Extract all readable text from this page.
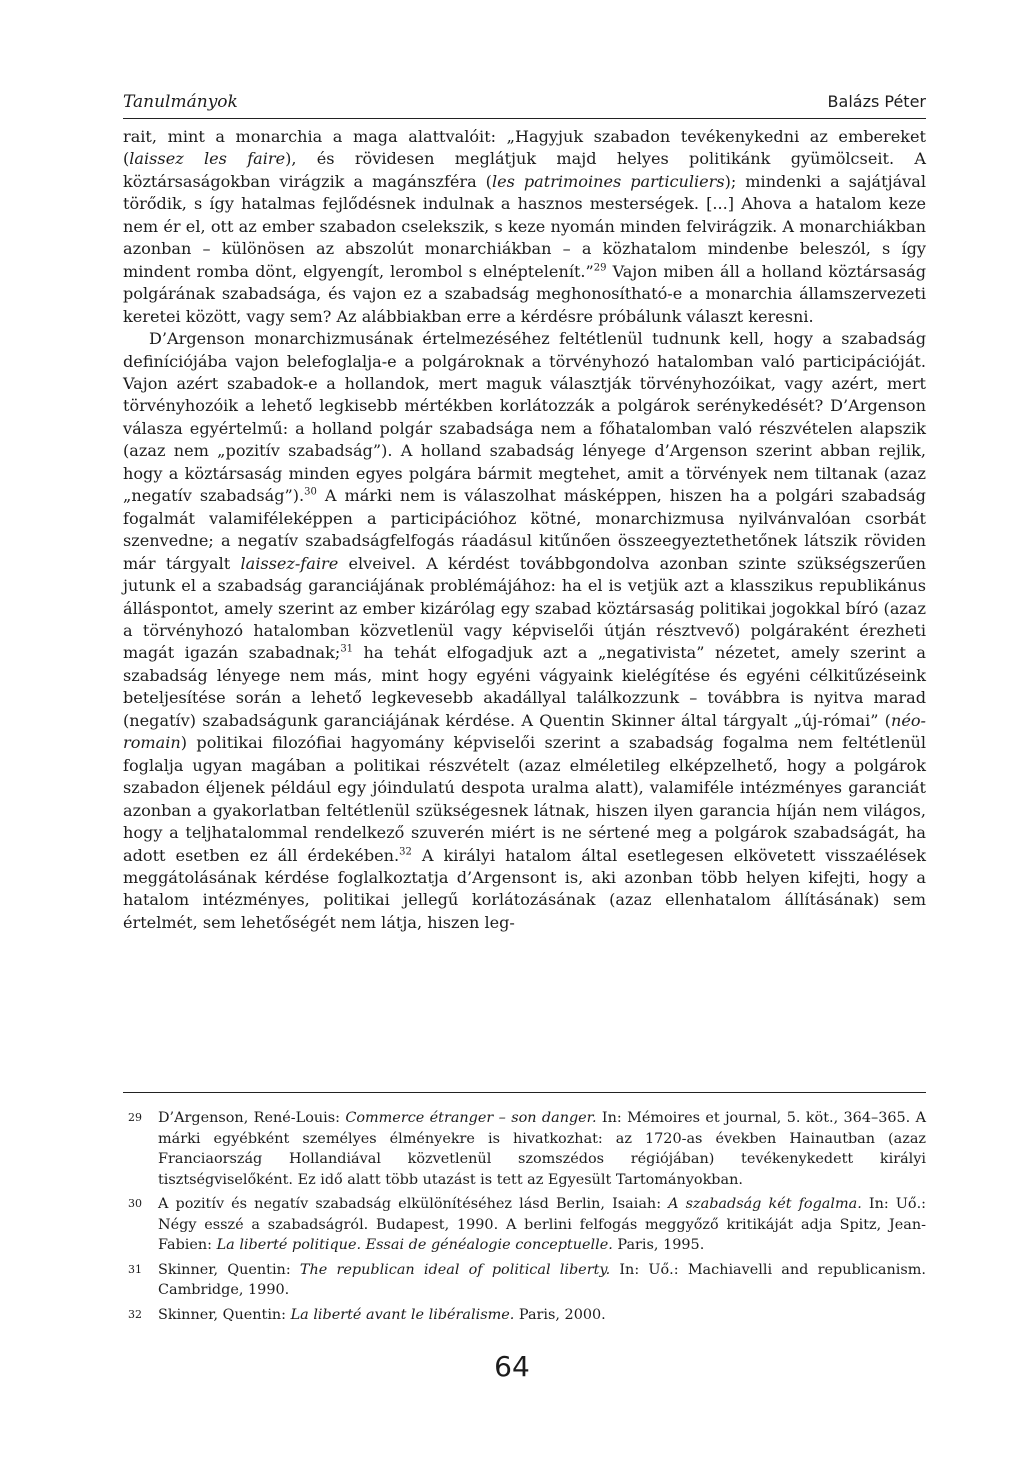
Tanulmányok	Balázs Péter

rait, mint a monarchia a maga alattvalóit: „Hagyjuk szabadon tevékenykedni az embereket (laissez les faire), és rövidesen meglátjuk majd helyes politikánk gyümölcseit. A köztársaságokban virágzik a magánszféra (les patrimoines particuliers); mindenki a sajátjával törődik, s így hatalmas fejlődésnek indulnak a hasznos mesterségek. [...] Ahova a hatalom keze nem ér el, ott az ember szabadon cselekszik, s keze nyomán minden felvirágzik. A monarchiákban azonban – különösen az abszolút monarchiákban – a közhatalom mindenbe beleszól, s így mindent romba dönt, elgyengít, lerombol s elnéptelenít.”$^{29}$ Vajon miben áll a holland köztársaság polgárának szabadsága, és vajon ez a szabadság meghonosítható-e a monarchia államszervezeti keretei között, vagy sem? Az alábbiakban erre a kérdésre próbálunk választ keresni.

D’Argenson monarchizmusának értelmezéséhez feltétlenül tudnunk kell, hogy a szabadság definíciójába vajon belefoglalja-e a polgároknak a törvényhozó hatalomban való participációját. Vajon azért szabadok-e a hollandok, mert maguk választják törvényhozóikat, vagy azért, mert törvényhozóik a lehető legkisebb mértékben korlátozzák a polgárok serénykedését? D’Argenson válasza egyértelmű: a holland polgár szabadsága nem a főhatalomban való részvételen alapszik (azaz nem „pozitív szabadság”). A holland szabadság lényege d’Argenson szerint abban rejlik, hogy a köztársaság minden egyes polgára bármit megtehet, amit a törvények nem tiltanak (azaz „negatív szabadság”).$^{30}$ A márki nem is válaszolhat másképpen, hiszen ha a polgári szabadság fogalmát valamiféleképpen a participációhoz kötné, monarchizmusa nyilvánvalóan csorbát szenvedne; a negatív szabadságfelfogás ráadásul kitűnően összeegyeztethetőnek látszik röviden már tárgyalt laissez-faire elveivel. A kérdést továbbgondolva azonban szinte szükségszerűen jutunk el a szabadság garanciájának problémájához: ha el is vetjük azt a klasszikus republikánus álláspontot, amely szerint az ember kizárólag egy szabad köztársaság politikai jogokkal bíró (azaz a törvényhozó hatalomban közvetlenül vagy képviselői útján résztvevő) polgáraként érezheti magát igazán szabadnak;$^{31}$ ha tehát elfogadjuk azt a „negativista” nézetet, amely szerint a szabadság lényege nem más, mint hogy egyéni vágyaink kielégítése és egyéni célkitűzéseink beteljesítése során a lehető legkevesebb akadállyal találkozzunk – továbbra is nyitva marad (negatív) szabadságunk garanciájának kérdése. A Quentin Skinner által tárgyalt „új-római” (néo-romain) politikai filozófiai hagyomány képviselői szerint a szabadság fogalma nem feltétlenül foglalja ugyan magában a politikai részvételt (azaz elméletileg elképzelhető, hogy a polgárok szabadon éljenek például egy jóindulatú despota uralma alatt), valamiféle intézményes garanciát azonban a gyakorlatban feltétlenül szükségesnek látnak, hiszen ilyen garancia híján nem világos, hogy a teljhatalommal rendelkező szuverén miért is ne sértené meg a polgárok szabadságát, ha adott esetben ez áll érdekében.$^{32}$ A királyi hatalom által esetlegesen elkövetett visszaélések meggátolásának kérdése foglalkoztatja d’Argensont is, aki azonban több helyen kifejti, hogy a hatalom intézményes, politikai jellegű korlátozásának (azaz ellenhatalom állításának) sem értelmét, sem lehetőségét nem látja, hiszen leg-

29 D’Argenson, René-Louis: Commerce étranger – son danger. In: Mémoires et journal, 5. köt., 364–365. A márki egyébként személyes élményekre is hivatkozhat: az 1720-as években Hainautban (azaz Franciaország Hollandiával közvetlenül szomszédos régiójában) tevékenykedett királyi tisztségviselőként. Ez idő alatt több utazást is tett az Egyesült Tartományokban.
30 A pozitív és negatív szabadság elkülönítéséhez lásd Berlin, Isaiah: A szabadság két fogalma. In: Uő.: Négy esszé a szabadságról. Budapest, 1990. A berlini felfogás meggyőző kritikáját adja Spitz, Jean-Fabien: La liberté politique. Essai de généalogie conceptuelle. Paris, 1995.
31 Skinner, Quentin: The republican ideal of political liberty. In: Uő.: Machiavelli and republicanism. Cambridge, 1990.
32 Skinner, Quentin: La liberté avant le libéralisme. Paris, 2000.
64
